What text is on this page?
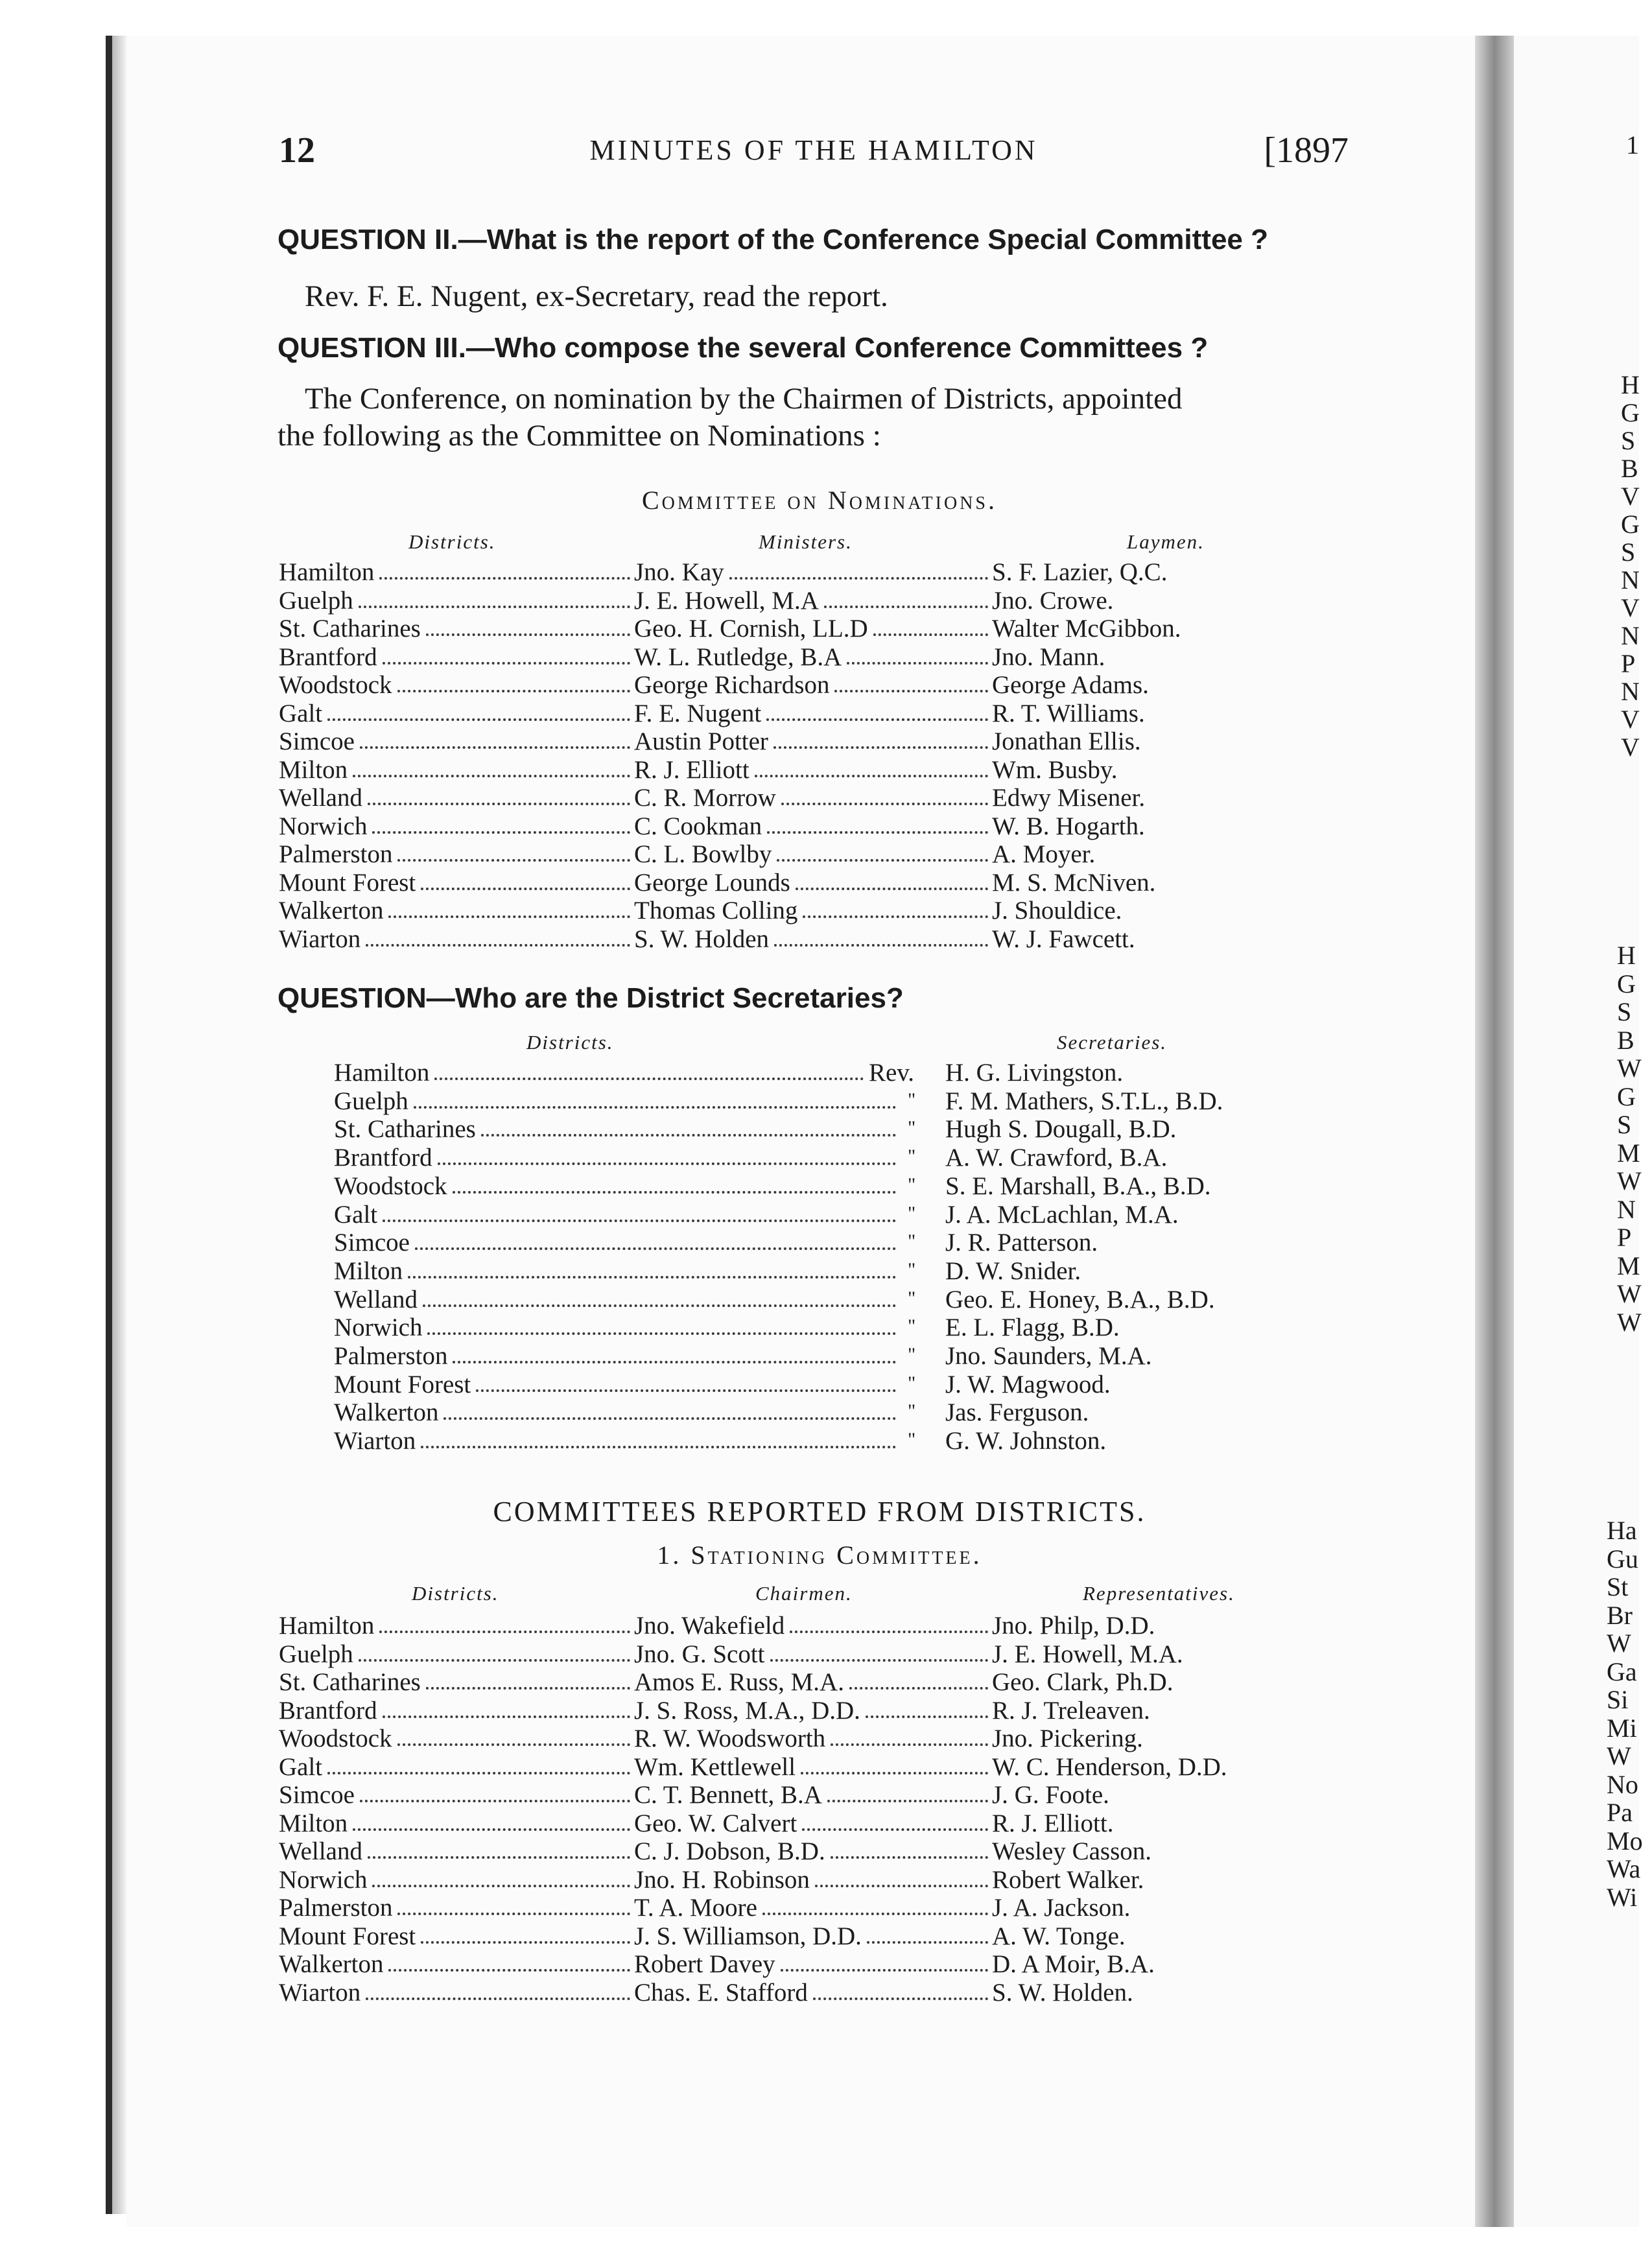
12	MINUTES OF THE HAMILTON	[1897
QUESTION II.—What is the report of the Conference Special Committee ?
Rev. F. E. Nugent, ex-Secretary, read the report.
QUESTION III.—Who compose the several Conference Committees ?
The Conference, on nomination by the Chairmen of Districts, appointed
the following as the Committee on Nominations :
Committee on Nominations.
Districts.	Ministers.	Laymen.
Hamilton	Jno. Kay	S. F. Lazier, Q.C.
Guelph	J. E. Howell, M.A	Jno. Crowe.
St. Catharines	Geo. H. Cornish, LL.D	Walter McGibbon.
Brantford	W. L. Rutledge, B.A	Jno. Mann.
Woodstock	George Richardson	George Adams.
Galt	F. E. Nugent	R. T. Williams.
Simcoe	Austin Potter	Jonathan Ellis.
Milton	R. J. Elliott	Wm. Busby.
Welland	C. R. Morrow	Edwy Misener.
Norwich	C. Cookman	W. B. Hogarth.
Palmerston	C. L. Bowlby	A. Moyer.
Mount Forest	George Lounds	M. S. McNiven.
Walkerton	Thomas Colling	J. Shouldice.
Wiarton	S. W. Holden	W. J. Fawcett.
QUESTION—Who are the District Secretaries?
Districts.	Secretaries.
Hamilton	Rev. H. G. Livingston.
Guelph	" F. M. Mathers, S.T.L., B.D.
St. Catharines	" Hugh S. Dougall, B.D.
Brantford	" A. W. Crawford, B.A.
Woodstock	" S. E. Marshall, B.A., B.D.
Galt	" J. A. McLachlan, M.A.
Simcoe	" J. R. Patterson.
Milton	" D. W. Snider.
Welland	" Geo. E. Honey, B.A., B.D.
Norwich	" E. L. Flagg, B.D.
Palmerston	" Jno. Saunders, M.A.
Mount Forest	" J. W. Magwood.
Walkerton	" Jas. Ferguson.
Wiarton	" G. W. Johnston.
COMMITTEES REPORTED FROM DISTRICTS.
1. Stationing Committee.
Districts.	Chairmen.	Representatives.
Hamilton	Jno. Wakefield	Jno. Philp, D.D.
Guelph	Jno. G. Scott	J. E. Howell, M.A.
St. Catharines	Amos E. Russ, M.A.	Geo. Clark, Ph.D.
Brantford	J. S. Ross, M.A., D.D.	R. J. Treleaven.
Woodstock	R. W. Woodsworth	Jno. Pickering.
Galt	Wm. Kettlewell	W. C. Henderson, D.D.
Simcoe	C. T. Bennett, B.A	J. G. Foote.
Milton	Geo. W. Calvert	R. J. Elliott.
Welland	C. J. Dobson, B.D.	Wesley Casson.
Norwich	Jno. H. Robinson	Robert Walker.
Palmerston	T. A. Moore	J. A. Jackson.
Mount Forest	J. S. Williamson, D.D.	A. W. Tonge.
Walkerton	Robert Davey	D. A Moir, B.A.
Wiarton	Chas. E. Stafford	S. W. Holden.
1
H
G
S
B
V
G
S
N
V
N
P
N
V
V
H
G
S
B
W
G
S
M
W
N
P
M
W
W
Ha
Gu
St
Br
W
Ga
Si
Mi
W
No
Pa
Mo
Wa
Wi
